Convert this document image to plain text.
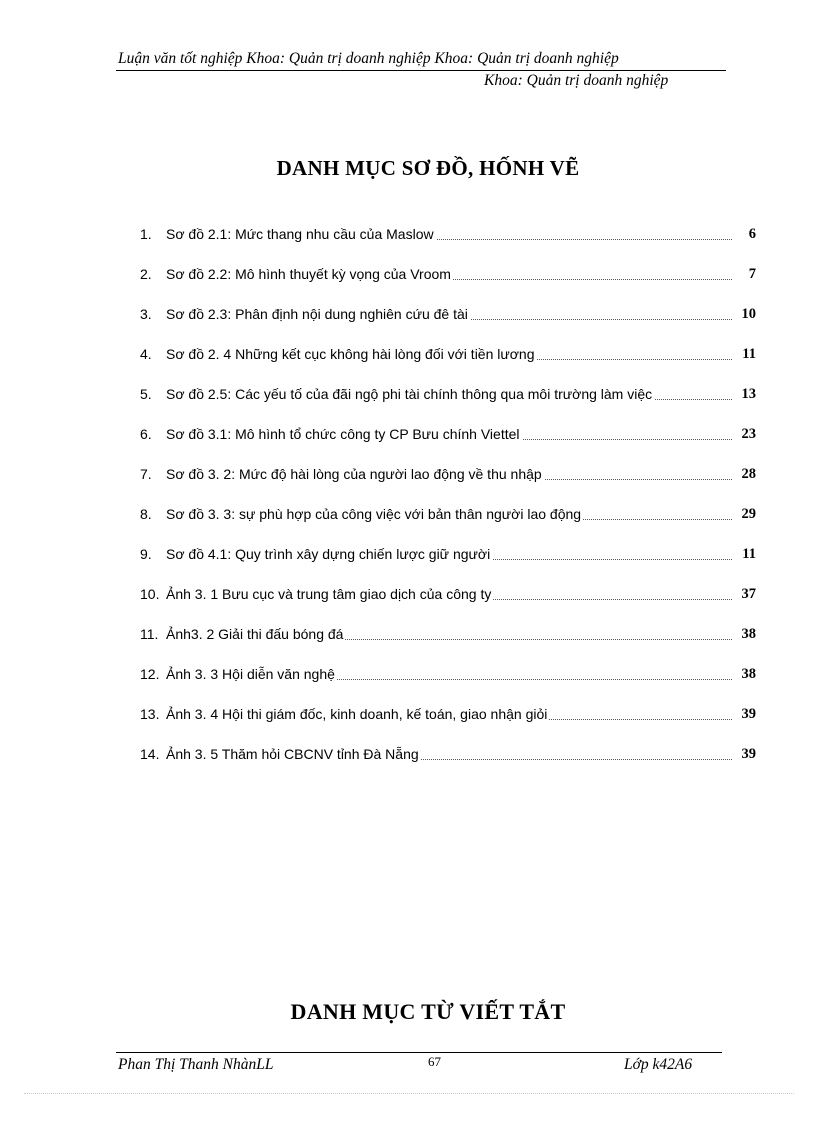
Luận văn tốt nghiệp Khoa: Quản trị doanh nghiệp Khoa: Quản trị doanh nghiệp
Khoa: Quản trị doanh nghiệp
DANH MỤC SƠ ĐỒ, HỐNH VẼ
1.	Sơ đồ 2.1: Mức thang nhu cầu của Maslow	6
2.	Sơ đồ 2.2: Mô hình thuyết kỳ vọng của Vroom	7
3.	Sơ đồ 2.3: Phân định nội dung nghiên cứu đê tài	10
4.	Sơ đồ 2. 4 Những kết cục không hài lòng đối với tiền lương	11
5.	Sơ đồ 2.5: Các yếu tố của đãi ngộ phi tài chính thông qua môi trường làm việc	13
6.	Sơ đồ 3.1: Mô hình tổ chức công ty CP Bưu chính Viettel	23
7.	Sơ đồ 3. 2: Mức độ hài lòng của người lao động về thu nhập	28
8.	Sơ đồ 3. 3: sự phù hợp của công việc với bản thân người lao động	29
9.	Sơ đồ 4.1: Quy trình xây dựng chiến lược giữ người	11
10. Ảnh 3. 1 Bưu cục và trung tâm giao dịch của công ty	37
11. Ảnh3. 2 Giải thi đấu bóng đá	38
12. Ảnh 3. 3 Hội diễn văn nghệ	38
13. Ảnh 3. 4 Hội thi giám đốc, kinh doanh, kế toán, giao nhận giỏi	39
14. Ảnh 3. 5 Thăm hỏi CBCNV tỉnh Đà Nẵng	39
DANH MỤC TỪ VIẾT TẮT
Phan Thị Thanh NhànLL	67	Lớp k42A6
